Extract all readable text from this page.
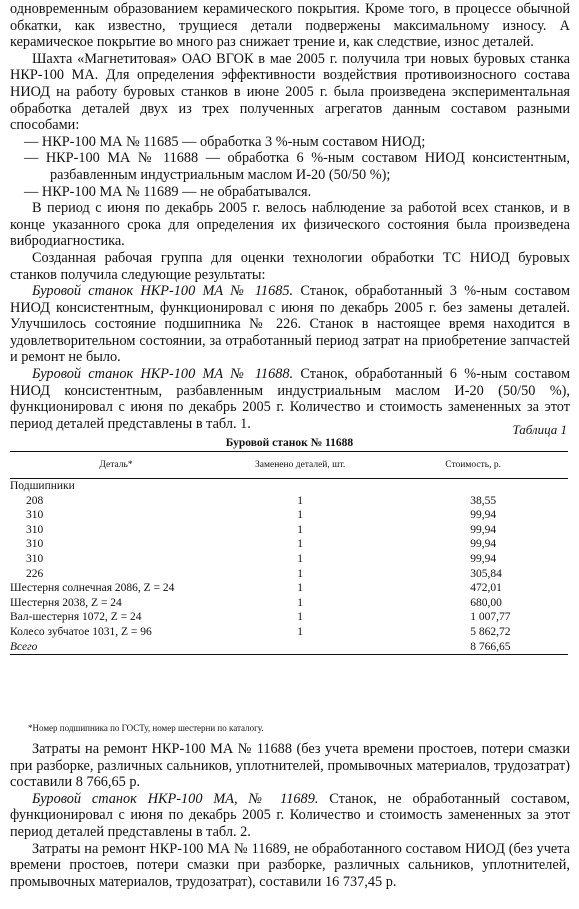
одновременным образованием керамического покрытия. Кроме того, в процессе обычной обкатки, как известно, трущиеся детали подвержены максимальному износу. А керамическое покрытие во много раз снижает трение и, как следствие, износ деталей.

Шахта «Магнетитовая» ОАО ВГОК в мае 2005 г. получила три новых буровых станка НКР-100 МА. Для определения эффективности воздействия противоизносного состава НИОД на работу буровых станков в июне 2005 г. была произведена экспериментальная обработка деталей двух из трех полученных агрегатов данным составом разными способами:

— НКР-100 МА № 11685 — обработка 3 %-ным составом НИОД;

— НКР-100 МА № 11688 — обработка 6 %-ным составом НИОД консистентным, разбавленным индустриальным маслом И-20 (50/50 %);

— НКР-100 МА № 11689 — не обрабатывался.

В период с июня по декабрь 2005 г. велось наблюдение за работой всех станков, и в конце указанного срока для определения их физического состояния была произведена вибродиагностика.

Созданная рабочая группа для оценки технологии обработки ТС НИОД буровых станков получила следующие результаты:

Буровой станок НКР-100 МА № 11685. Станок, обработанный 3 %-ным составом НИОД консистентным, функционировал с июня по декабрь 2005 г. без замены деталей. Улучшилось состояние подшипника № 226. Станок в настоящее время находится в удовлетворительном состоянии, за отработанный период затрат на приобретение запчастей и ремонт не было.

Буровой станок НКР-100 МА № 11688. Станок, обработанный 6 %-ным составом НИОД консистентным, разбавленным индустриальным маслом И-20 (50/50 %), функционировал с июня по декабрь 2005 г. Количество и стоимость замененных за этот период деталей представлены в табл. 1.	Таблица 1
Буровой станок № 11688
Деталь*	Заменено деталей, шт.	Стоимость, р.
Подшипники		
208	1	38,55
310	1	99,94
310	1	99,94
310	1	99,94
310	1	99,94
226	1	305,84
Шестерня солнечная 2086, Z = 24	1	472,01
Шестерня 2038, Z = 24	1	680,00
Вал-шестерня 1072, Z = 24	1	1 007,77
Колесо зубчатое 1031, Z = 96	1	5 862,72
Всего		8 766,65
*Номер подшипника по ГОСТу, номер шестерни по каталогу.

Затраты на ремонт НКР-100 МА № 11688 (без учета времени простоев, потери смазки при разборке, различных сальников, уплотнителей, промывочных материалов, трудозатрат) составили 8 766,65 р.

Буровой станок НКР-100 МА, № 11689. Станок, не обработанный составом, функционировал с июня по декабрь 2005 г. Количество и стоимость замененных за этот период деталей представлены в табл. 2.

Затраты на ремонт НКР-100 МА № 11689, не обработанного составом НИОД (без учета времени простоев, потери смазки при разборке, различных сальников, уплотнителей, промывочных материалов, трудозатрат), составили 16 737,45 р.
